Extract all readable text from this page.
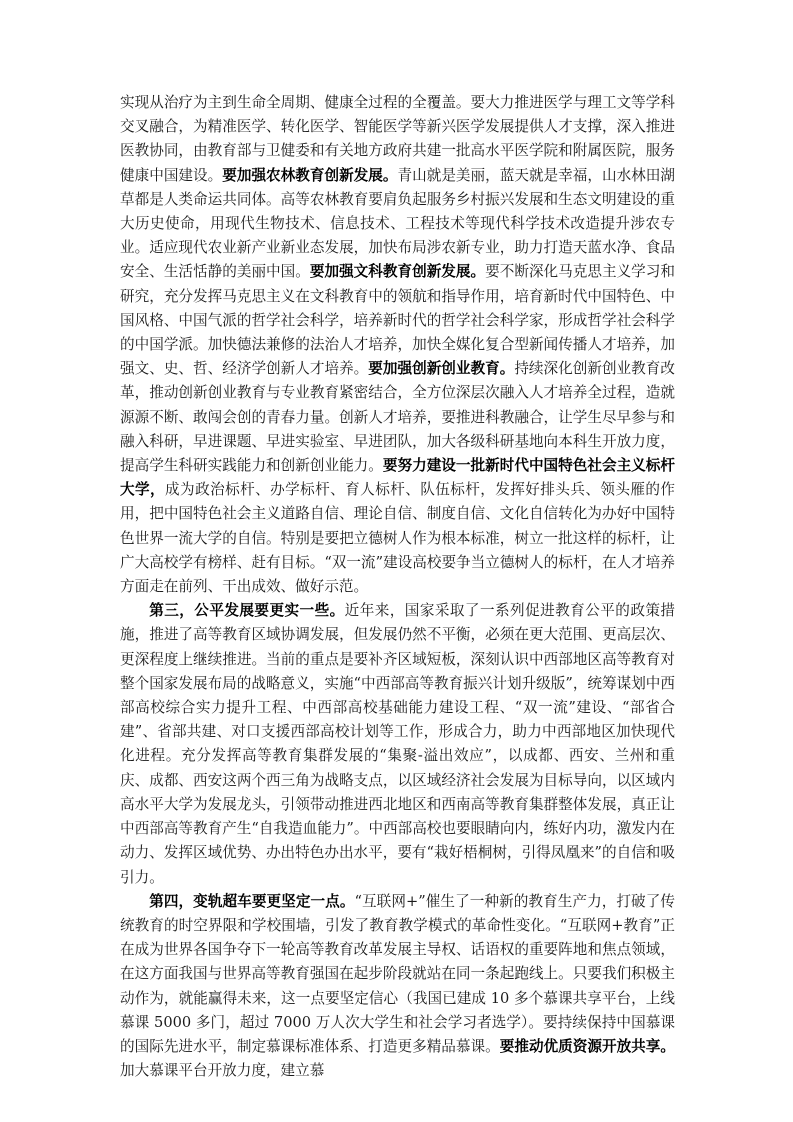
实现从治疗为主到生命全周期、健康全过程的全覆盖。要大力推进医学与理工文等学科交叉融合，为精准医学、转化医学、智能医学等新兴医学发展提供人才支撑，深入推进医教协同，由教育部与卫健委和有关地方政府共建一批高水平医学院和附属医院，服务健康中国建设。要加强农林教育创新发展。青山就是美丽，蓝天就是幸福，山水林田湖草都是人类命运共同体。高等农林教育要肩负起服务乡村振兴发展和生态文明建设的重大历史使命，用现代生物技术、信息技术、工程技术等现代科学技术改造提升涉农专业。适应现代农业新产业新业态发展，加快布局涉农新专业，助力打造天蓝水净、食品安全、生活恬静的美丽中国。要加强文科教育创新发展。要不断深化马克思主义学习和研究，充分发挥马克思主义在文科教育中的领航和指导作用，培育新时代中国特色、中国风格、中国气派的哲学社会科学，培养新时代的哲学社会科学家，形成哲学社会科学的中国学派。加快德法兼修的法治人才培养，加快全媒化复合型新闻传播人才培养，加强文、史、哲、经济学创新人才培养。要加强创新创业教育。持续深化创新创业教育改革，推动创新创业教育与专业教育紧密结合，全方位深层次融入人才培养全过程，造就源源不断、敢闯会创的青春力量。创新人才培养，要推进科教融合，让学生尽早参与和融入科研，早进课题、早进实验室、早进团队，加大各级科研基地向本科生开放力度，提高学生科研实践能力和创新创业能力。要努力建设一批新时代中国特色社会主义标杆大学，成为政治标杆、办学标杆、育人标杆、队伍标杆，发挥好排头兵、领头雁的作用，把中国特色社会主义道路自信、理论自信、制度自信、文化自信转化为办好中国特色世界一流大学的自信。特别是要把立德树人作为根本标准，树立一批这样的标杆，让广大高校学有榜样、赶有目标。“双一流”建设高校要争当立德树人的标杆，在人才培养方面走在前列、干出成效、做好示范。

第三，公平发展要更实一些。近年来，国家采取了一系列促进教育公平的政策措施，推进了高等教育区域协调发展，但发展仍然不平衡，必须在更大范围、更高层次、更深程度上继续推进。当前的重点是要补齐区域短板，深刻认识中西部地区高等教育对整个国家发展布局的战略意义，实施“中西部高等教育振兴计划升级版”，统筹谋划中西部高校综合实力提升工程、中西部高校基础能力建设工程、“双一流”建设、“部省合建”、省部共建、对口支援西部高校计划等工作，形成合力，助力中西部地区加快现代化进程。充分发挥高等教育集群发展的“集聚-溢出效应”，以成都、西安、兰州和重庆、成都、西安这两个西三角为战略支点，以区域经济社会发展为目标导向，以区域内高水平大学为发展龙头，引领带动推进西北地区和西南高等教育集群整体发展，真正让中西部高等教育产生“自我造血能力”。中西部高校也要眼睛向内，练好内功，激发内在动力、发挥区域优势、办出特色办出水平，要有“栽好梧桐树，引得凤凰来”的自信和吸引力。

第四，变轨超车要更坚定一点。“互联网+”催生了一种新的教育生产力，打破了传统教育的时空界限和学校围墙，引发了教育教学模式的革命性变化。“互联网+教育”正在成为世界各国争夺下一轮高等教育改革发展主导权、话语权的重要阵地和焦点领域，在这方面我国与世界高等教育强国在起步阶段就站在同一条起跑线上。只要我们积极主动作为，就能赢得未来，这一点要坚定信心（我国已建成 10 多个慕课共享平台，上线慕课 5000 多门，超过 7000 万人次大学生和社会学习者选学）。要持续保持中国慕课的国际先进水平，制定慕课标准体系、打造更多精品慕课。要推动优质资源开放共享。加大慕课平台开放力度，建立慕
